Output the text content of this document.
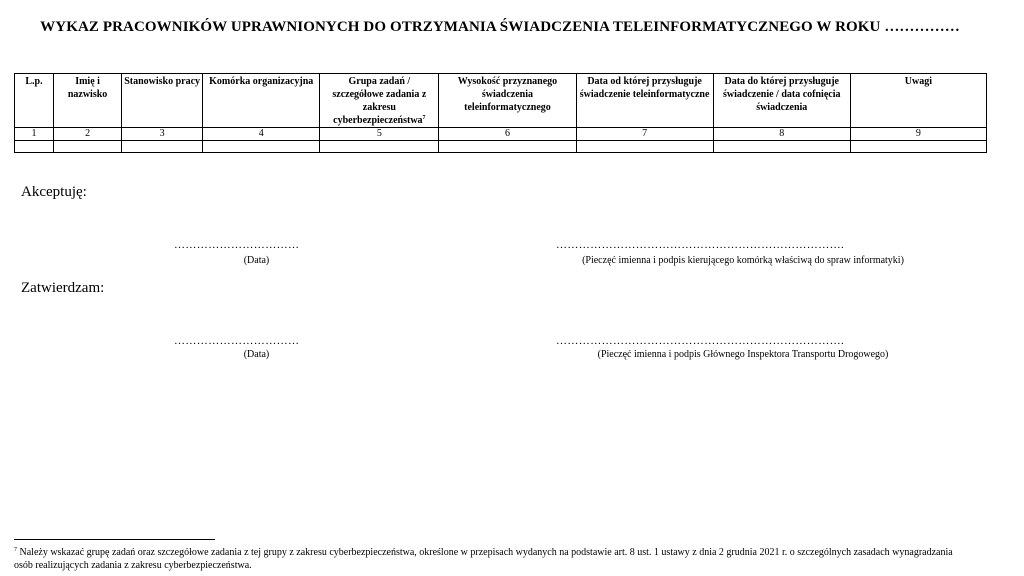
WYKAZ PRACOWNIKÓW UPRAWNIONYCH DO OTRZYMANIA ŚWIADCZENIA TELEINFORMATYCZNEGO W ROKU ……………
L.p.	Imię i nazwisko	Stanowisko pracy	Komórka organizacyjna	Grupa zadań / szczegółowe zadania z zakresu cyberbezpieczeństwa$^7$	Wysokość przyznanego świadczenia teleinformatycznego	Data od której przysługuje świadczenie teleinformatyczne	Data do której przysługuje świadczenie / data cofnięcia świadczenia	Uwagi
1	2	3	4	5	6	7	8	9

Akceptuję:
……………………………
(Data)
………………………………………………………………….
(Pieczęć imienna i podpis kierującego komórką właściwą do spraw informatyki)
Zatwierdzam:
……………………………
(Data)
………………………………………………………………….
(Pieczęć imienna i podpis Głównego Inspektora Transportu Drogowego)
$^7$ Należy wskazać grupę zadań oraz szczegółowe zadania z tej grupy z zakresu cyberbezpieczeństwa, określone w przepisach wydanych na podstawie art. 8 ust. 1 ustawy z dnia 2 grudnia 2021 r. o szczególnych zasadach wynagradzania osób realizujących zadania z zakresu cyberbezpieczeństwa.
